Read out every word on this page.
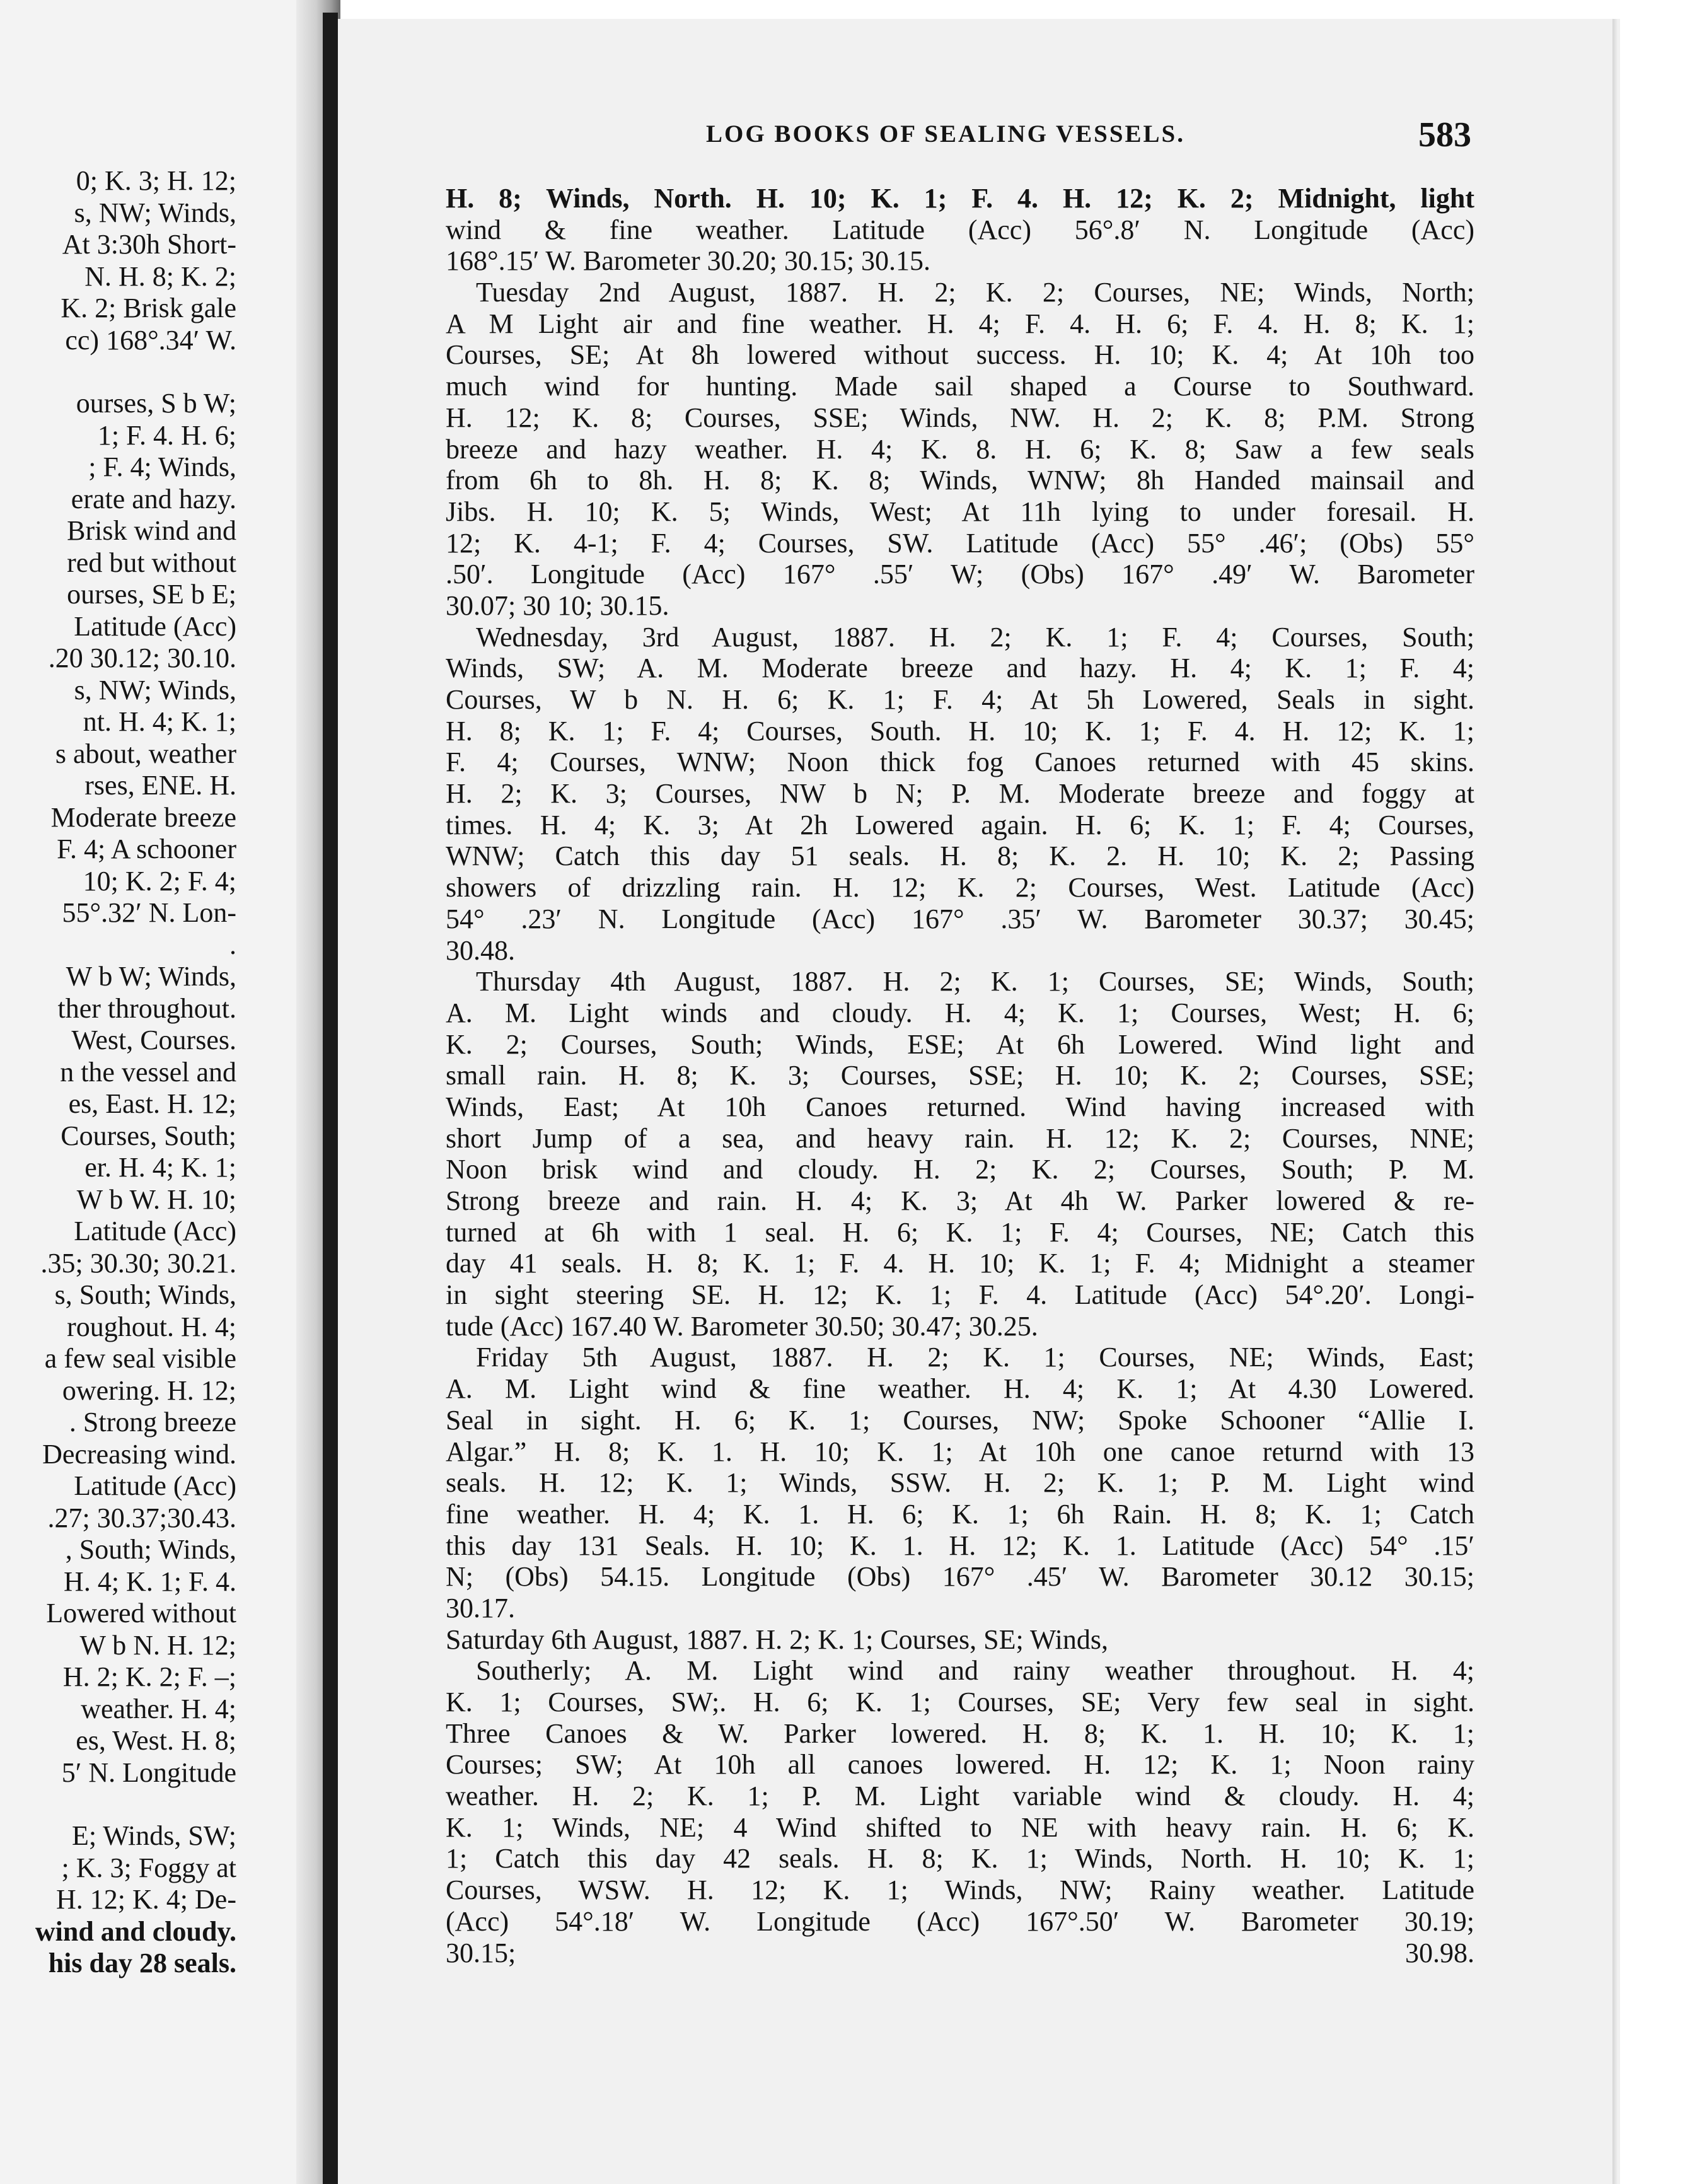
0; K. 3; H. 12;
s, NW; Winds,
At 3:30h Short-
N. H. 8; K. 2;
K. 2; Brisk gale
cc) 168°.34′ W.
ourses, S b W;
1; F. 4. H. 6;
; F. 4; Winds,
erate and hazy.
Brisk wind and
red but without
ourses, SE b E;
Latitude (Acc)
.20 30.12; 30.10.
s, NW; Winds,
nt. H. 4; K. 1;
s about, weather
rses, ENE. H.
Moderate breeze
F. 4; A schooner
10; K. 2; F. 4;
55°.32′ N. Lon-
.
W b W; Winds,
ther throughout.
West, Courses.
n the vessel and
es, East. H. 12;
Courses, South;
er. H. 4; K. 1;
W b W. H. 10;
Latitude (Acc)
.35; 30.30; 30.21.
s, South; Winds,
roughout. H. 4;
a few seal visible
owering. H. 12;
. Strong breeze
Decreasing wind.
Latitude (Acc)
.27; 30.37;30.43.
, South; Winds,
H. 4; K. 1; F. 4.
Lowered without
W b N. H. 12;
H. 2; K. 2; F. –;
weather. H. 4;
es, West. H. 8;
5′ N. Longitude
E; Winds, SW;
; K. 3; Foggy at
H. 12; K. 4; De-
wind and cloudy.
his day 28 seals.
LOG BOOKS OF SEALING VESSELS.	583
H. 8; Winds, North. H. 10; K. 1; F. 4. H. 12; K. 2; Midnight, light
wind & fine weather. Latitude (Acc) 56°.8′ N. Longitude (Acc)
168°.15′ W. Barometer 30.20; 30.15; 30.15.
Tuesday 2nd August, 1887. H. 2; K. 2; Courses, NE; Winds, North;
A M Light air and fine weather. H. 4; F. 4. H. 6; F. 4. H. 8; K. 1;
Courses, SE; At 8h lowered without success. H. 10; K. 4; At 10h too
much wind for hunting. Made sail shaped a Course to Southward.
H. 12; K. 8; Courses, SSE; Winds, NW. H. 2; K. 8; P.M. Strong
breeze and hazy weather. H. 4; K. 8. H. 6; K. 8; Saw a few seals
from 6h to 8h. H. 8; K. 8; Winds, WNW; 8h Handed mainsail and
Jibs. H. 10; K. 5; Winds, West; At 11h lying to under foresail. H.
12; K. 4-1; F. 4; Courses, SW. Latitude (Acc) 55° .46′; (Obs) 55°
.50′. Longitude (Acc) 167° .55′ W; (Obs) 167° .49′ W. Barometer
30.07; 30 10; 30.15.
Wednesday, 3rd August, 1887. H. 2; K. 1; F. 4; Courses, South;
Winds, SW; A. M. Moderate breeze and hazy. H. 4; K. 1; F. 4;
Courses, W b N. H. 6; K. 1; F. 4; At 5h Lowered, Seals in sight.
H. 8; K. 1; F. 4; Courses, South. H. 10; K. 1; F. 4. H. 12; K. 1;
F. 4; Courses, WNW; Noon thick fog Canoes returned with 45 skins.
H. 2; K. 3; Courses, NW b N; P. M. Moderate breeze and foggy at
times. H. 4; K. 3; At 2h Lowered again. H. 6; K. 1; F. 4; Courses,
WNW; Catch this day 51 seals. H. 8; K. 2. H. 10; K. 2; Passing
showers of drizzling rain. H. 12; K. 2; Courses, West. Latitude (Acc)
54° .23′ N. Longitude (Acc) 167° .35′ W. Barometer 30.37; 30.45;
30.48.
Thursday 4th August, 1887. H. 2; K. 1; Courses, SE; Winds, South;
A. M. Light winds and cloudy. H. 4; K. 1; Courses, West; H. 6;
K. 2; Courses, South; Winds, ESE; At 6h Lowered. Wind light and
small rain. H. 8; K. 3; Courses, SSE; H. 10; K. 2; Courses, SSE;
Winds, East; At 10h Canoes returned. Wind having increased with
short Jump of a sea, and heavy rain. H. 12; K. 2; Courses, NNE;
Noon brisk wind and cloudy. H. 2; K. 2; Courses, South; P. M.
Strong breeze and rain. H. 4; K. 3; At 4h W. Parker lowered & re-
turned at 6h with 1 seal. H. 6; K. 1; F. 4; Courses, NE; Catch this
day 41 seals. H. 8; K. 1; F. 4. H. 10; K. 1; F. 4; Midnight a steamer
in sight steering SE. H. 12; K. 1; F. 4. Latitude (Acc) 54°.20′. Longi-
tude (Acc) 167.40 W. Barometer 30.50; 30.47; 30.25.
Friday 5th August, 1887. H. 2; K. 1; Courses, NE; Winds, East;
A. M. Light wind & fine weather. H. 4; K. 1; At 4.30 Lowered.
Seal in sight. H. 6; K. 1; Courses, NW; Spoke Schooner “Allie I.
Algar.” H. 8; K. 1. H. 10; K. 1; At 10h one canoe returnd with 13
seals. H. 12; K. 1; Winds, SSW. H. 2; K. 1; P. M. Light wind
fine weather. H. 4; K. 1. H. 6; K. 1; 6h Rain. H. 8; K. 1; Catch
this day 131 Seals. H. 10; K. 1. H. 12; K. 1. Latitude (Acc) 54° .15′
N; (Obs) 54.15. Longitude (Obs) 167° .45′ W. Barometer 30.12 30.15;
30.17.
Saturday 6th August, 1887. H. 2; K. 1; Courses, SE; Winds,
Southerly; A. M. Light wind and rainy weather throughout. H. 4;
K. 1; Courses, SW;. H. 6; K. 1; Courses, SE; Very few seal in sight.
Three Canoes & W. Parker lowered. H. 8; K. 1. H. 10; K. 1;
Courses; SW; At 10h all canoes lowered. H. 12; K. 1; Noon rainy
weather. H. 2; K. 1; P. M. Light variable wind & cloudy. H. 4;
K. 1; Winds, NE; 4 Wind shifted to NE with heavy rain. H. 6; K.
1; Catch this day 42 seals. H. 8; K. 1; Winds, North. H. 10; K. 1;
Courses, WSW. H. 12; K. 1; Winds, NW; Rainy weather. Latitude
(Acc) 54°.18′ W. Longitude (Acc) 167°.50′ W. Barometer 30.19;
30.15; 30.98.
